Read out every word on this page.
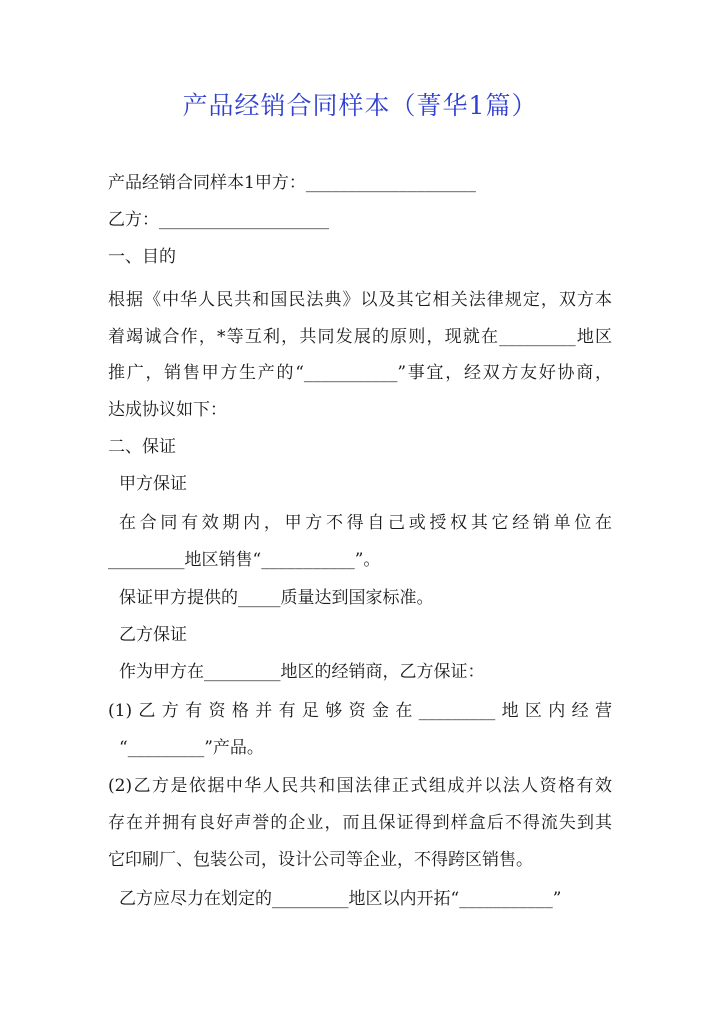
产品经销合同样本（菁华1篇）
产品经销合同样本1甲方：____________________
乙方：____________________
一、目的
根据《中华人民共和国民法典》以及其它相关法律规定，双方本
着竭诚合作，*等互利，共同发展的原则，现就在_________地区
推广，销售甲方生产的“___________”事宜，经双方友好协商，
达成协议如下：
二、保证
甲方保证
在合同有效期内，甲方不得自己或授权其它经销单位在
_________地区销售“___________”。
保证甲方提供的_____质量达到国家标准。
乙方保证
作为甲方在_________地区的经销商，乙方保证：
(1)乙方有资格并有足够资金在_________地区内经营
“_________”产品。
(2)乙方是依据中华人民共和国法律正式组成并以法人资格有效
存在并拥有良好声誉的企业，而且保证得到样盒后不得流失到其
它印刷厂、包装公司，设计公司等企业，不得跨区销售。
乙方应尽力在划定的_________地区以内开拓“___________”
